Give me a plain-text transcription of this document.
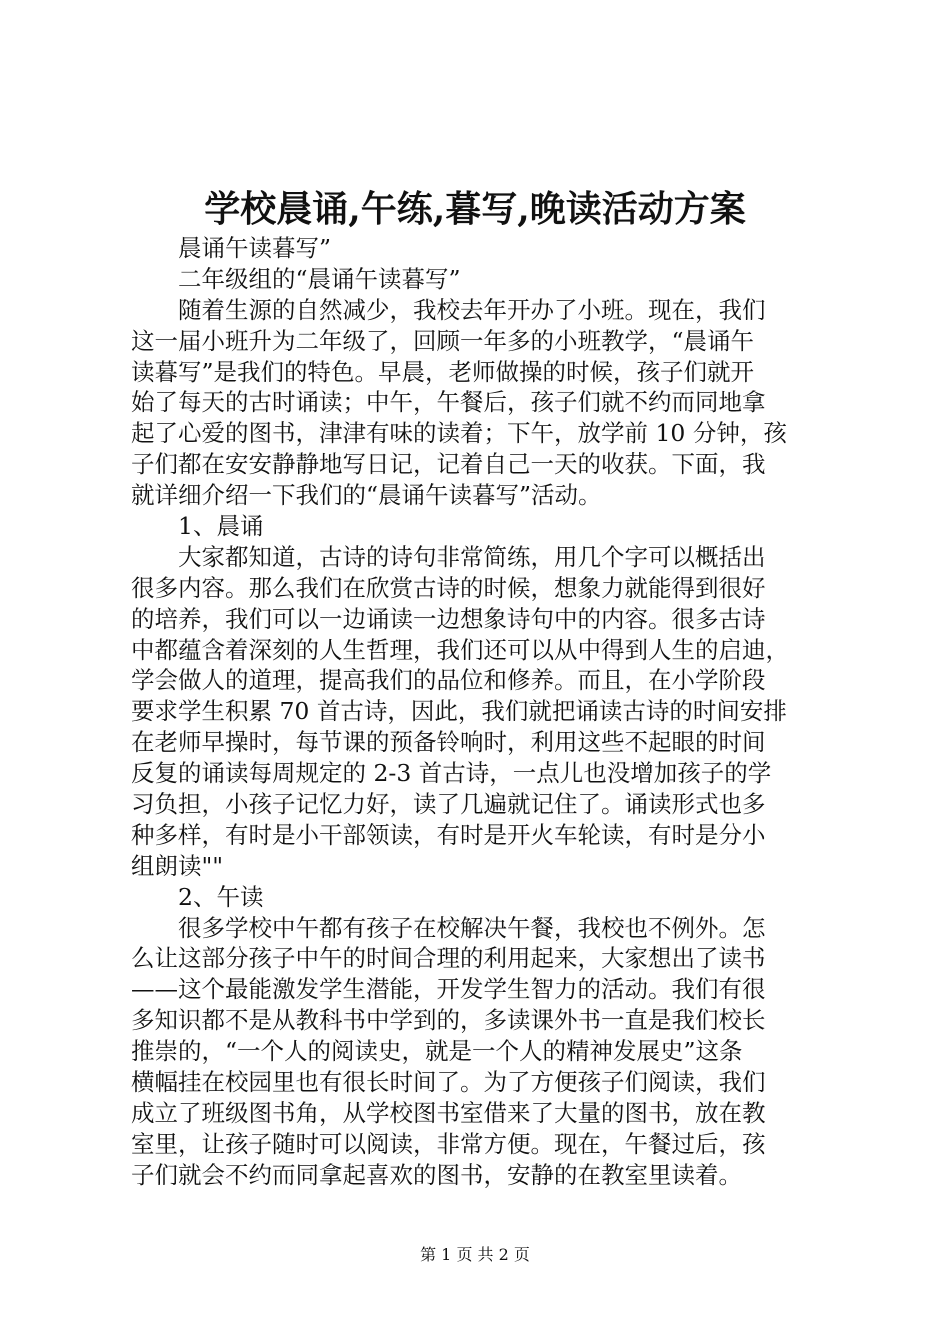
学校晨诵,午练,暮写,晚读活动方案
晨诵午读暮写”
二年级组的“晨诵午读暮写”
随着生源的自然减少，我校去年开办了小班。现在，我们
这一届小班升为二年级了，回顾一年多的小班教学，“晨诵午
读暮写”是我们的特色。早晨，老师做操的时候，孩子们就开
始了每天的古时诵读；中午，午餐后，孩子们就不约而同地拿
起了心爱的图书，津津有味的读着；下午，放学前 10 分钟，孩
子们都在安安静静地写日记，记着自己一天的收获。下面，我
就详细介绍一下我们的“晨诵午读暮写”活动。
1、晨诵
大家都知道，古诗的诗句非常简练，用几个字可以概括出
很多内容。那么我们在欣赏古诗的时候，想象力就能得到很好
的培养，我们可以一边诵读一边想象诗句中的内容。很多古诗
中都蕴含着深刻的人生哲理，我们还可以从中得到人生的启迪，
学会做人的道理，提高我们的品位和修养。而且，在小学阶段
要求学生积累 70 首古诗，因此，我们就把诵读古诗的时间安排
在老师早操时，每节课的预备铃响时，利用这些不起眼的时间
反复的诵读每周规定的 2-3 首古诗，一点儿也没增加孩子的学
习负担，小孩子记忆力好，读了几遍就记住了。诵读形式也多
种多样，有时是小干部领读，有时是开火车轮读，有时是分小
组朗读""
2、午读
很多学校中午都有孩子在校解决午餐，我校也不例外。怎
么让这部分孩子中午的时间合理的利用起来，大家想出了读书
——这个最能激发学生潜能，开发学生智力的活动。我们有很
多知识都不是从教科书中学到的，多读课外书一直是我们校长
推崇的，“一个人的阅读史，就是一个人的精神发展史”这条
横幅挂在校园里也有很长时间了。为了方便孩子们阅读，我们
成立了班级图书角，从学校图书室借来了大量的图书，放在教
室里，让孩子随时可以阅读，非常方便。现在，午餐过后，孩
子们就会不约而同拿起喜欢的图书，安静的在教室里读着。
第 1 页 共 2 页
